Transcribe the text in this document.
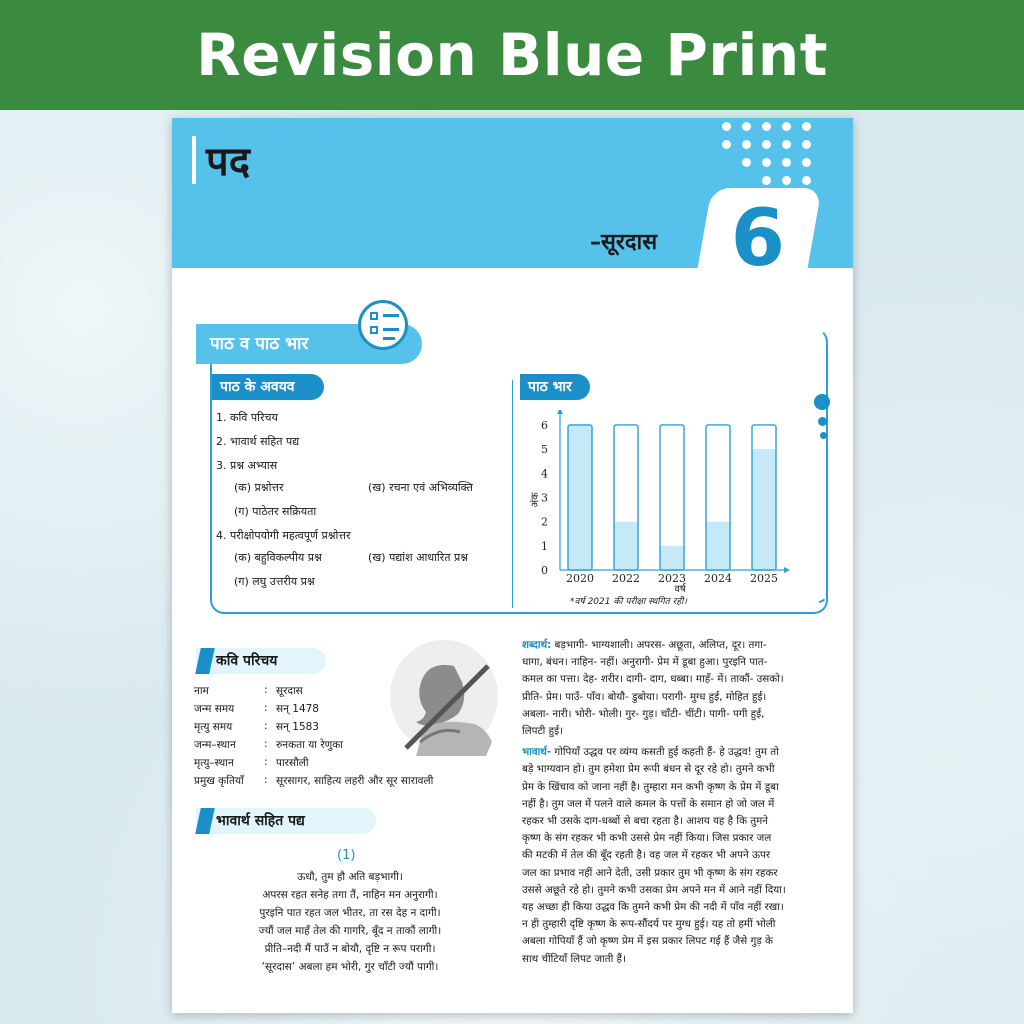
Revision Blue Print
पद
–सूरदास 6
पाठ व पाठ भार
पाठ के अवयव	पाठ भार
1. कवि परिचय
2. भावार्थ सहित पद्य
3. प्रश्न अभ्यास
(क) प्रश्नोत्तर	(ख) रचना एवं अभिव्यक्ति
(ग) पाठेतर सक्रियता
4. परीक्षोपयोगी महत्वपूर्ण प्रश्नोत्तर
(क) बहुविकल्पीय प्रश्न	(ख) पद्यांश आधारित प्रश्न
(ग) लघु उत्तरीय प्रश्न
0
1
2
3
4
5
6
अंक
2020 2022 2023 2024 2025
वर्ष
*वर्ष 2021 की परीक्षा स्थगित रही।
कवि परिचय
नाम	: सूरदास
जन्म समय	: सन् 1478
मृत्यु समय	: सन् 1583
जन्म–स्थान	: रुनकता या रेणुका
मृत्यु–स्थान	: पारसौली
प्रमुख कृतियाँ : सूरसागर, साहित्य लहरी और सूर सारावली
भावार्थ सहित पद्य
(1)
ऊधौ, तुम हौ अति बड़भागी।
अपरस रहत सनेह तगा तैं, नाहिन मन अनुरागी।
पुरइनि पात रहत जल भीतर, ता रस देह न दागी।
ज्यौं जल माहँ तेल की गागरि, बूँद न ताकौं लागी।
प्रीति–नदी मैं पाउँ न बोयौ, दृष्टि न रूप परागी।
‘सूरदास’ अबला हम भोरी, गुर चाँटी ज्यौं पागी।
शब्दार्थ: बड़भागी- भाग्यशाली। अपरस- अछूता, अलिप्त, दूर। तगा-
धागा, बंधन। नाहिन- नहीं। अनुरागी- प्रेम में डूबा हुआ। पुरइनि पात-
कमल का पत्ता। देह- शरीर। दागी- दाग, धब्बा। माहँ- में। ताकौं- उसको।
प्रीति- प्रेम। पाउँ- पाँव। बोयौ- डुबोया। परागी- मुग्ध हुई, मोहित हुई।
अबला- नारी। भोरी- भोली। गुर- गुड़। चाँटी- चींटी। पागी- पगी हुई,
लिपटी हुई।
भावार्थ- गोपियाँ उद्धव पर व्यंग्य कसती हुई कहती हैं- हे उद्धव! तुम तो
बड़े भाग्यवान हो। तुम हमेशा प्रेम रूपी बंधन से दूर रहे हो। तुमने कभी
प्रेम के खिंचाव को जाना नहीं है। तुम्हारा मन कभी कृष्ण के प्रेम में डूबा
नहीं है। तुम जल में पलने वाले कमल के पत्तों के समान हो जो जल में
रहकर भी उसके दाग-धब्बों से बचा रहता है। आशय यह है कि तुमने
कृष्ण के संग रहकर भी कभी उससे प्रेम नहीं किया। जिस प्रकार जल
की मटकी में तेल की बूँद रहती है। वह जल में रहकर भी अपने ऊपर
जल का प्रभाव नहीं आने देती, उसी प्रकार तुम भी कृष्ण के संग रहकर
उससे अछूते रहे हो। तुमने कभी उसका प्रेम अपने मन में आने नहीं दिया।
यह अच्छा ही किया उद्धव कि तुमने कभी प्रेम की नदी में पाँव नहीं रखा।
न ही तुम्हारी दृष्टि कृष्ण के रूप-सौंदर्य पर मुग्ध हुई। यह तो हमीं भोली
अबला गोपियाँ हैं जो कृष्ण प्रेम में इस प्रकार लिपट गई हैं जैसे गुड़ के
साथ चींटियाँ लिपट जाती हैं।
